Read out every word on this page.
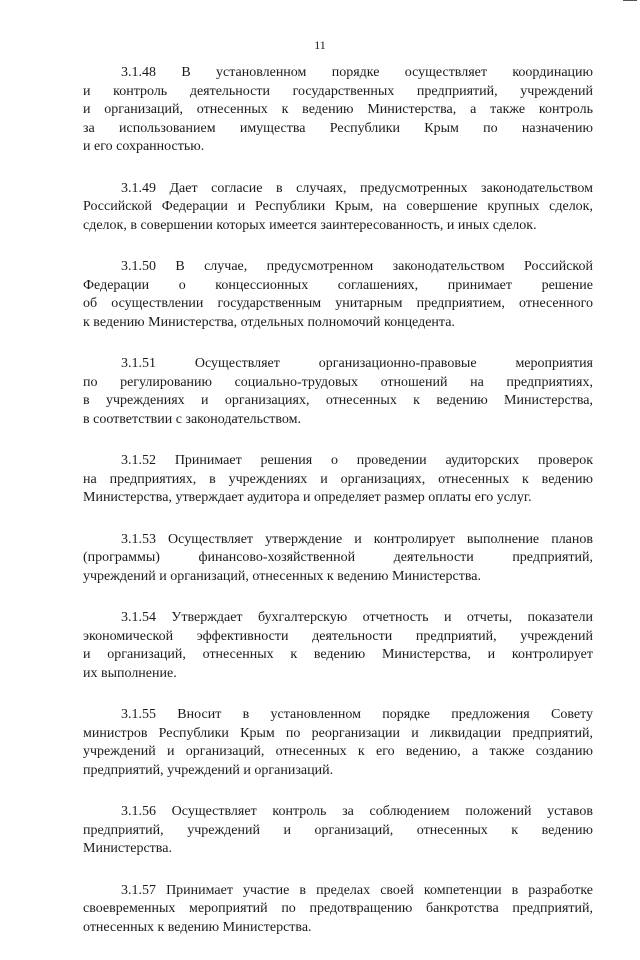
11
3.1.48 В установленном порядке осуществляет координацию
и контроль деятельности государственных предприятий, учреждений
и организаций, отнесенных к ведению Министерства, а также контроль
за использованием имущества Республики Крым по назначению
и его сохранностью.
3.1.49 Дает согласие в случаях, предусмотренных законодательством
Российской Федерации и Республики Крым, на совершение крупных сделок,
сделок, в совершении которых имеется заинтересованность, и иных сделок.
3.1.50 В случае, предусмотренном законодательством Российской
Федерации о концессионных соглашениях, принимает решение
об осуществлении государственным унитарным предприятием, отнесенного
к ведению Министерства, отдельных полномочий концедента.
3.1.51 Осуществляет организационно-правовые мероприятия
по регулированию социально-трудовых отношений на предприятиях,
в учреждениях и организациях, отнесенных к ведению Министерства,
в соответствии с законодательством.
3.1.52 Принимает решения о проведении аудиторских проверок
на предприятиях, в учреждениях и организациях, отнесенных к ведению
Министерства, утверждает аудитора и определяет размер оплаты его услуг.
3.1.53 Осуществляет утверждение и контролирует выполнение планов
(программы) финансово-хозяйственной деятельности предприятий,
учреждений и организаций, отнесенных к ведению Министерства.
3.1.54 Утверждает бухгалтерскую отчетность и отчеты, показатели
экономической эффективности деятельности предприятий, учреждений
и организаций, отнесенных к ведению Министерства, и контролирует
их выполнение.
3.1.55 Вносит в установленном порядке предложения Совету
министров Республики Крым по реорганизации и ликвидации предприятий,
учреждений и организаций, отнесенных к его ведению, а также созданию
предприятий, учреждений и организаций.
3.1.56 Осуществляет контроль за соблюдением положений уставов
предприятий, учреждений и организаций, отнесенных к ведению
Министерства.
3.1.57 Принимает участие в пределах своей компетенции в разработке
своевременных мероприятий по предотвращению банкротства предприятий,
отнесенных к ведению Министерства.
